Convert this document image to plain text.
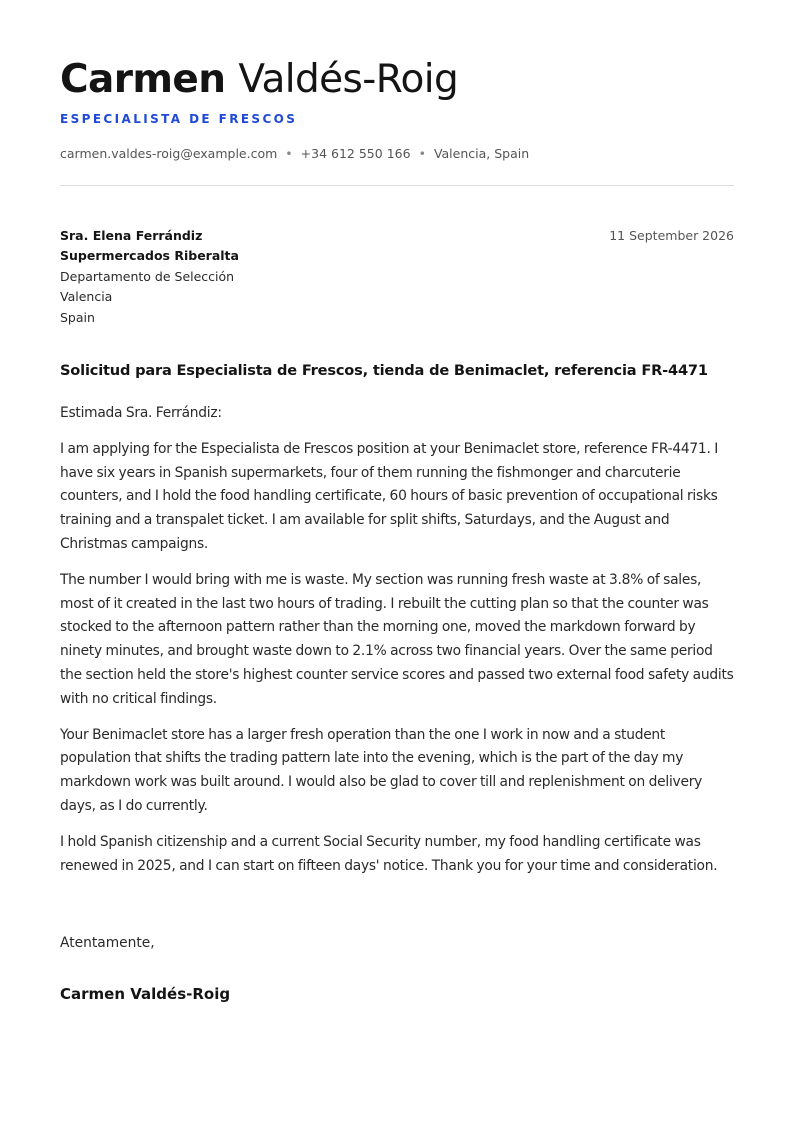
Carmen Valdés-Roig
ESPECIALISTA DE FRESCOS
carmen.valdes-roig@example.com • +34 612 550 166 • Valencia, Spain
Sra. Elena Ferrándiz
Supermercados Riberalta
Departamento de Selección
Valencia
Spain
11 September 2026
Solicitud para Especialista de Frescos, tienda de Benimaclet, referencia FR-4471

Estimada Sra. Ferrándiz:

I am applying for the Especialista de Frescos position at your Benimaclet store, reference FR-4471. I have six years in Spanish supermarkets, four of them running the fishmonger and charcuterie counters, and I hold the food handling certificate, 60 hours of basic prevention of occupational risks training and a transpalet ticket. I am available for split shifts, Saturdays, and the August and Christmas campaigns.

The number I would bring with me is waste. My section was running fresh waste at 3.8% of sales, most of it created in the last two hours of trading. I rebuilt the cutting plan so that the counter was stocked to the afternoon pattern rather than the morning one, moved the markdown forward by ninety minutes, and brought waste down to 2.1% across two financial years. Over the same period the section held the store's highest counter service scores and passed two external food safety audits with no critical findings.

Your Benimaclet store has a larger fresh operation than the one I work in now and a student population that shifts the trading pattern late into the evening, which is the part of the day my markdown work was built around. I would also be glad to cover till and replenishment on delivery days, as I do currently.

I hold Spanish citizenship and a current Social Security number, my food handling certificate was renewed in 2025, and I can start on fifteen days' notice. Thank you for your time and consideration.

Atentamente,
Carmen Valdés-Roig
